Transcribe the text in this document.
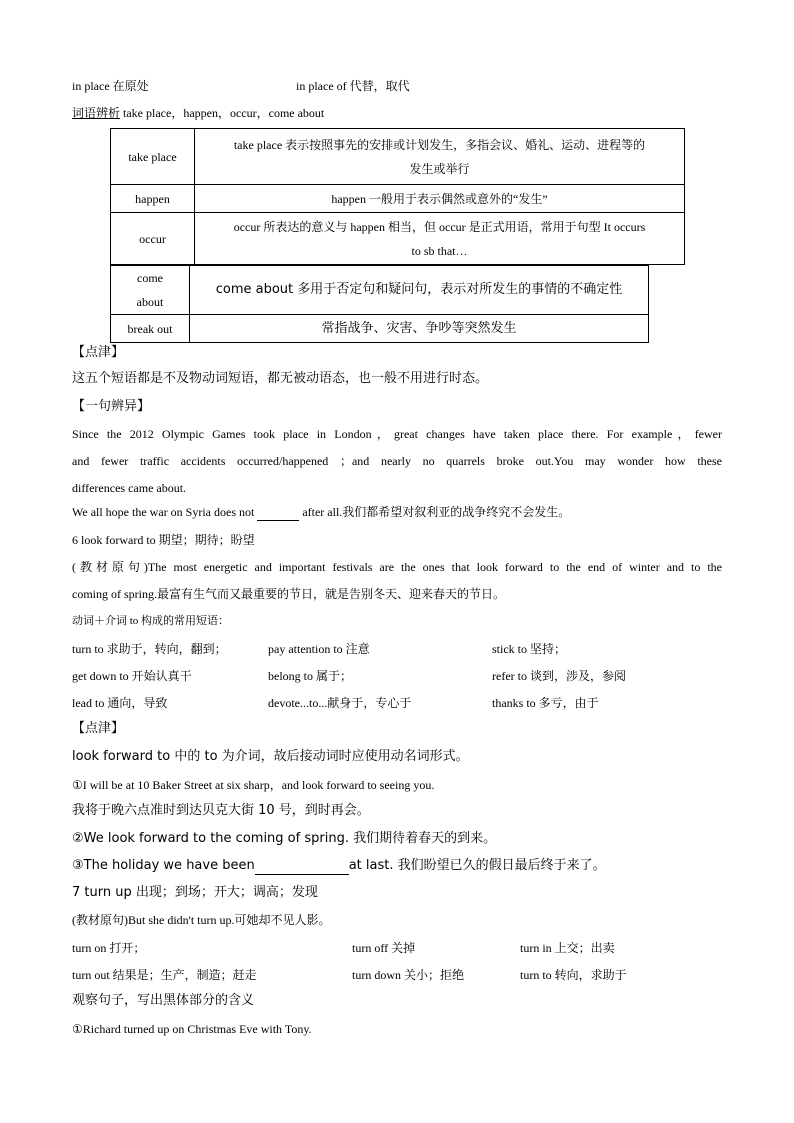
in place 在原处	in place of 代替，取代
词语辨析 take place，happen，occur，come about
take place	take place 表示按照事先的安排或计划发生，多指会议、婚礼、运动、进程等的
发生或举行

happen	happen 一般用于表示偶然或意外的“发生”
occur	occur 所表达的意义与 happen 相当，但 occur 是正式用语，常用于句型 It occurs
to sb that…
come
about	come about 多用于否定句和疑问句，表示对所发生的事情的不确定性
break out	常指战争、灾害、争吵等突然发生
【点津】
这五个短语都是不及物动词短语，都无被动语态，也一般不用进行时态。
【一句辨异】
Since the 2012 Olympic Games took place in London，great changes have taken place there. For example，fewer
and fewer traffic accidents occurred/happened ；and nearly no quarrels broke out.You may wonder how these
differences came about.
We all hope the war on Syria does not	after all.我们都希望对叙利亚的战争终究不会发生。
6 look forward to 期望；期待；盼望
(教材原句)The most energetic and important festivals are the ones that look forward to the end of winter and to the
coming of spring.最富有生气而又最重要的节日，就是告别冬天、迎来春天的节日。
动词＋介词 to 构成的常用短语：
turn to 求助于，转向，翻到；	pay attention to 注意	stick to 坚持；
get down to 开始认真干	belong to 属于；	refer to 谈到，涉及，参阅
lead to 通向，导致	devote...to...献身于，专心于	thanks to 多亏，由于
【点津】
look forward to 中的 to 为介词，故后接动词时应使用动名词形式。
①I will be at 10 Baker Street at six sharp，and look forward to seeing you.
我将于晚六点准时到达贝克大街 10 号，到时再会。
②We look forward to the coming of spring. 我们期待着春天的到来。
③The holiday we have been	at last. 我们盼望已久的假日最后终于来了。
7 turn up 出现；到场；开大；调高；发现
(教材原句)But she didn't turn up.可她却不见人影。
turn on 打开；	turn off 关掉	turn in 上交；出卖
turn out 结果是；生产，制造；赶走	turn down 关小；拒绝	turn to 转向，求助于
观察句子，写出黑体部分的含义
①Richard turned up on Christmas Eve with Tony.
